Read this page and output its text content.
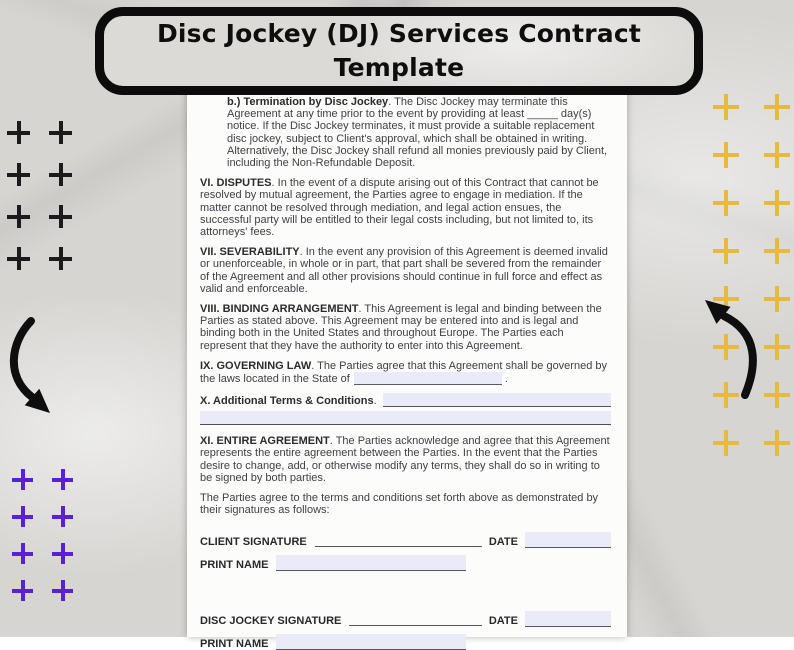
b.) Termination by Disc Jockey. The Disc Jockey may terminate this Agreement at any time prior to the event by providing at least _____ day(s) notice. If the Disc Jockey terminates, it must provide a suitable replacement disc jockey, subject to Client's approval, which shall be obtained in writing. Alternatively, the Disc Jockey shall refund all monies previously paid by Client, including the Non-Refundable Deposit.

VI. DISPUTES. In the event of a dispute arising out of this Contract that cannot be resolved by mutual agreement, the Parties agree to engage in mediation. If the matter cannot be resolved through mediation, and legal action ensues, the successful party will be entitled to their legal costs including, but not limited to, its attorneys' fees.

VII. SEVERABILITY. In the event any provision of this Agreement is deemed invalid or unenforceable, in whole or in part, that part shall be severed from the remainder of the Agreement and all other provisions should continue in full force and effect as valid and enforceable.

VIII. BINDING ARRANGEMENT. This Agreement is legal and binding between the Parties as stated above. This Agreement may be entered into and is legal and binding both in the United States and throughout Europe. The Parties each represent that they have the authority to enter into this Agreement.

IX. GOVERNING LAW. The Parties agree that this Agreement shall be governed by the laws located in the State of	.

X. Additional Terms & Conditions.

XI. ENTIRE AGREEMENT. The Parties acknowledge and agree that this Agreement represents the entire agreement between the Parties. In the event that the Parties desire to change, add, or otherwise modify any terms, they shall do so in writing to be signed by both parties.

The Parties agree to the terms and conditions set forth above as demonstrated by their signatures as follows:

CLIENT SIGNATURE	DATE
PRINT NAME
DISC JOCKEY SIGNATURE	DATE
PRINT NAME
Disc Jockey (DJ) Services Contract
Template
